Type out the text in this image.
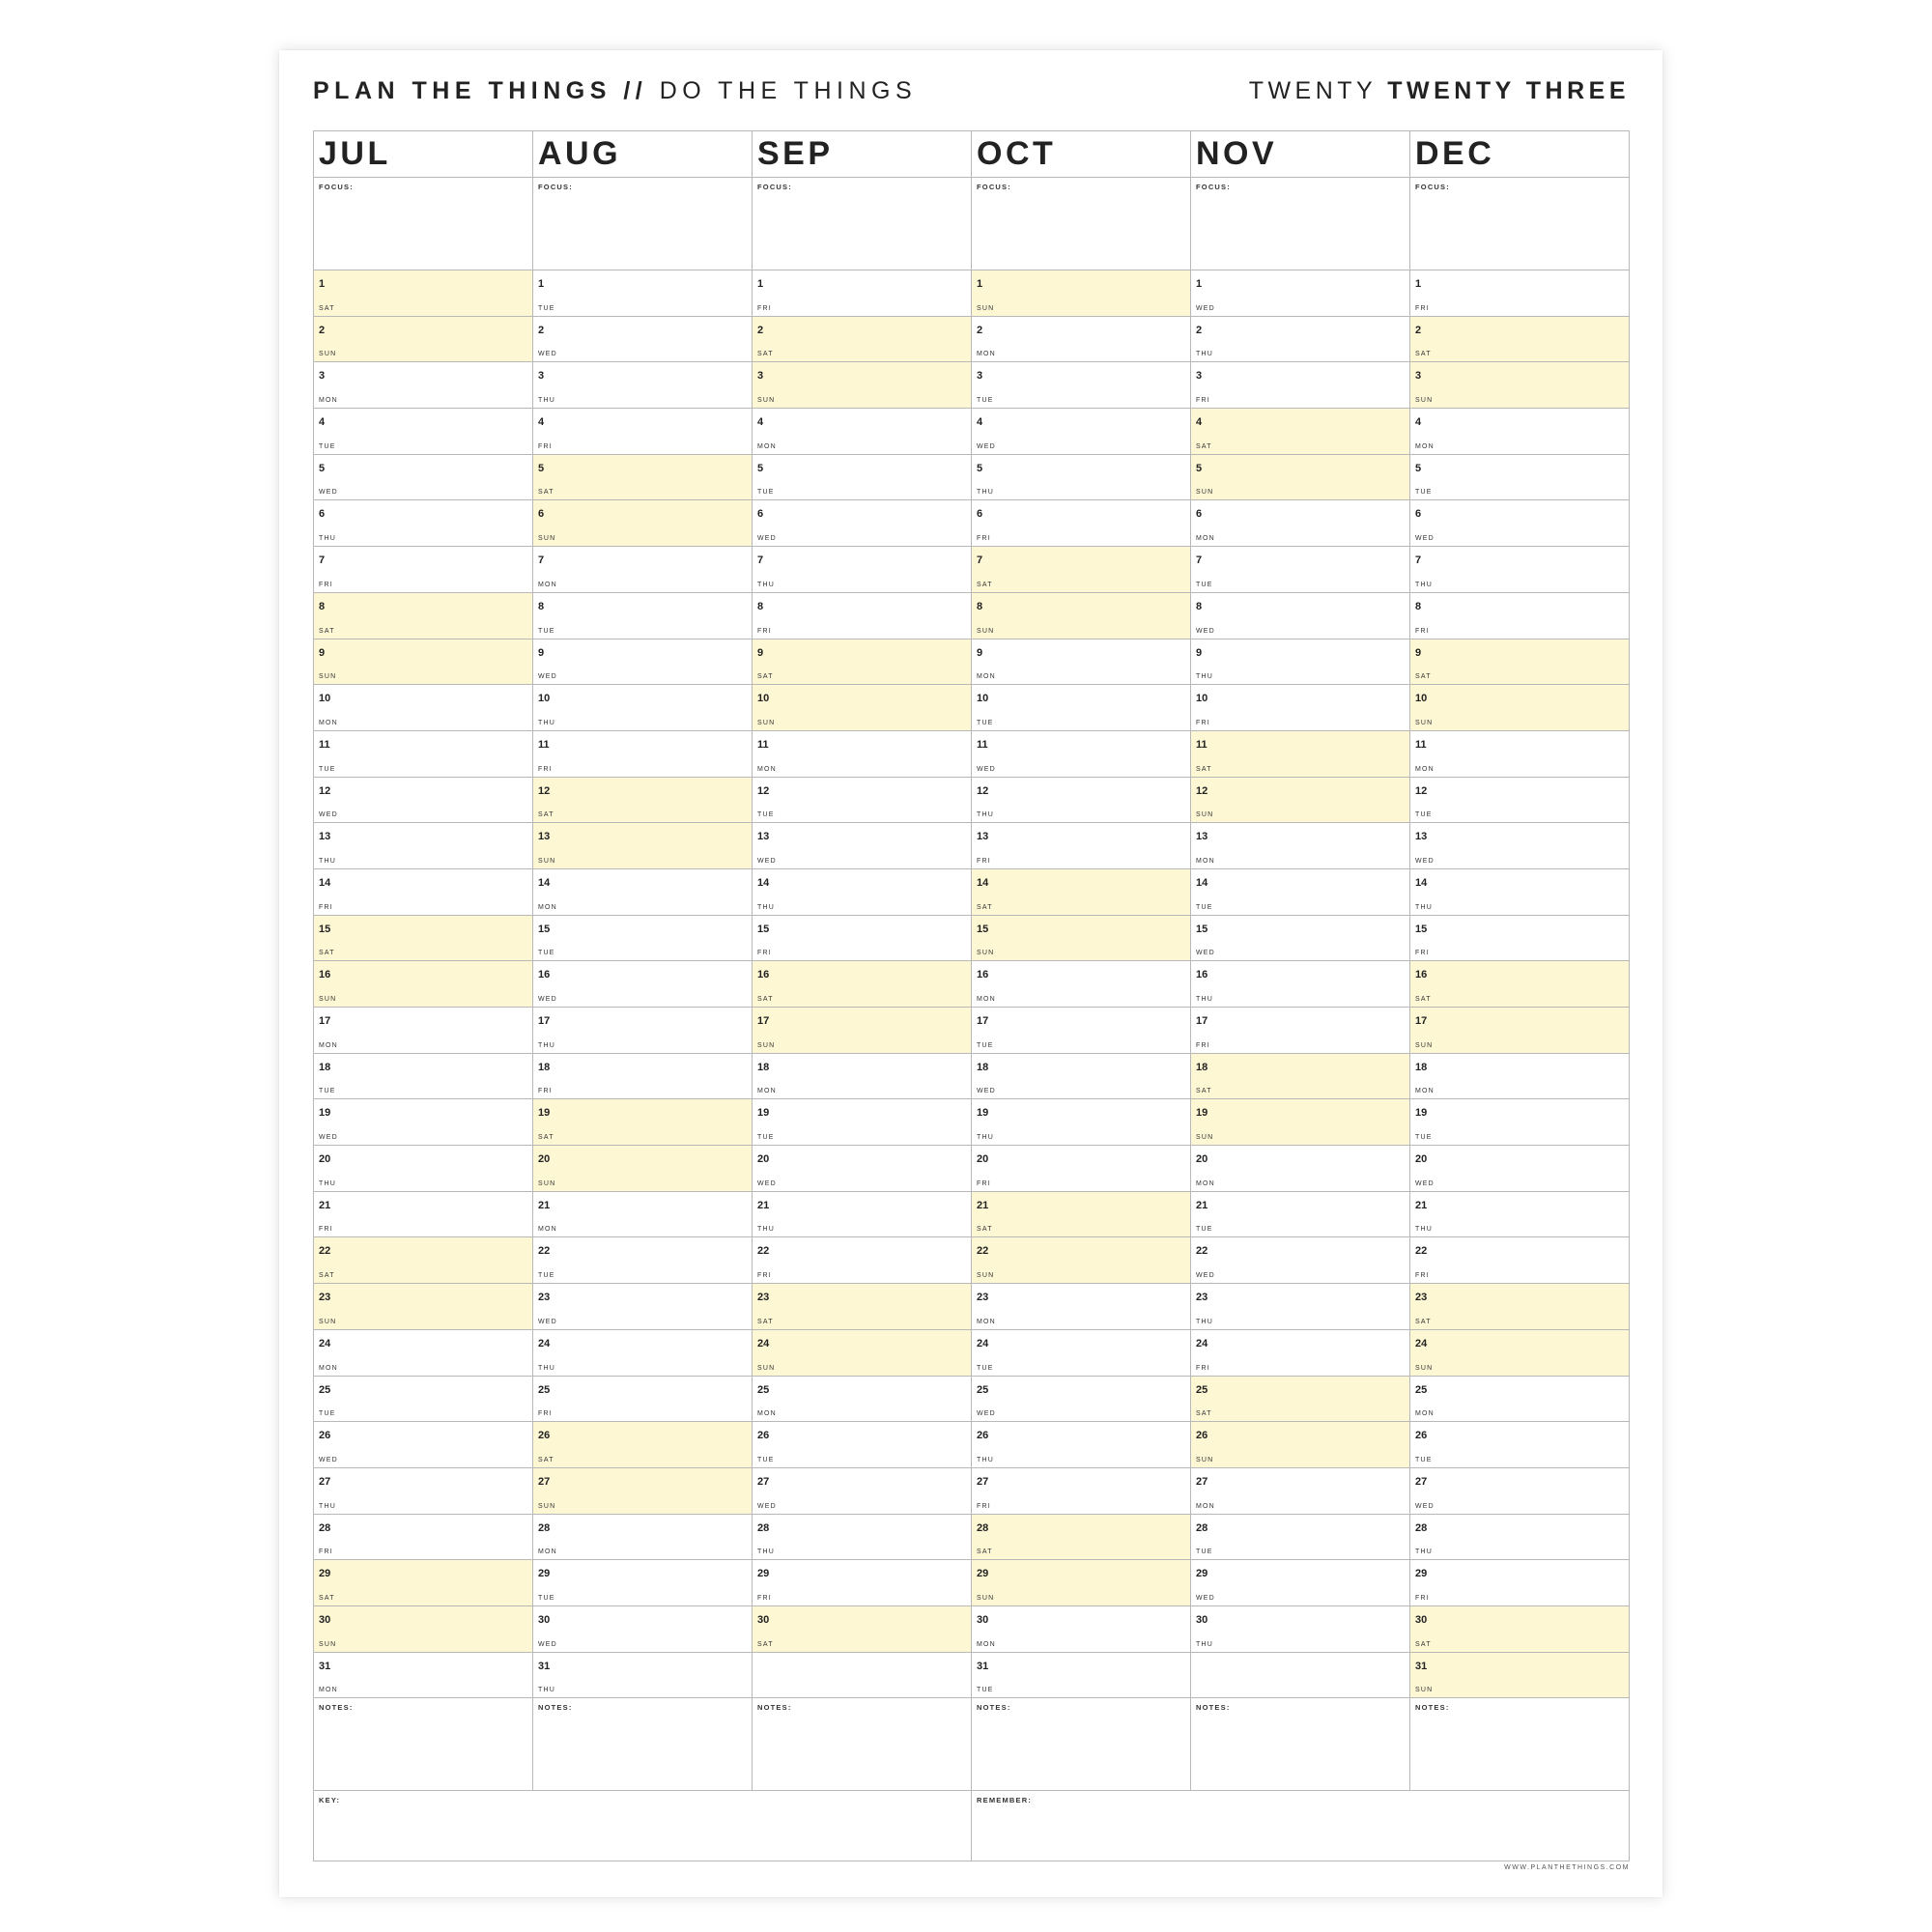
PLAN THE THINGS // DO THE THINGS	TWENTY TWENTY THREE
JUL
FOCUS:
1
SAT
2
SUN
3
MON
4
TUE
5
WED
6
THU
7
FRI
8
SAT
9
SUN
10
MON
11
TUE
12
WED
13
THU
14
FRI
15
SAT
16
SUN
17
MON
18
TUE
19
WED
20
THU
21
FRI
22
SAT
23
SUN
24
MON
25
TUE
26
WED
27
THU
28
FRI
29
SAT
30
SUN
31
MON
NOTES:
AUG
FOCUS:
1
TUE
2
WED
3
THU
4
FRI
5
SAT
6
SUN
7
MON
8
TUE
9
WED
10
THU
11
FRI
12
SAT
13
SUN
14
MON
15
TUE
16
WED
17
THU
18
FRI
19
SAT
20
SUN
21
MON
22
TUE
23
WED
24
THU
25
FRI
26
SAT
27
SUN
28
MON
29
TUE
30
WED
31
THU
NOTES:
SEP
FOCUS:
1
FRI
2
SAT
3
SUN
4
MON
5
TUE
6
WED
7
THU
8
FRI
9
SAT
10
SUN
11
MON
12
TUE
13
WED
14
THU
15
FRI
16
SAT
17
SUN
18
MON
19
TUE
20
WED
21
THU
22
FRI
23
SAT
24
SUN
25
MON
26
TUE
27
WED
28
THU
29
FRI
30
SAT
NOTES:
OCT
FOCUS:
1
SUN
2
MON
3
TUE
4
WED
5
THU
6
FRI
7
SAT
8
SUN
9
MON
10
TUE
11
WED
12
THU
13
FRI
14
SAT
15
SUN
16
MON
17
TUE
18
WED
19
THU
20
FRI
21
SAT
22
SUN
23
MON
24
TUE
25
WED
26
THU
27
FRI
28
SAT
29
SUN
30
MON
31
TUE
NOTES:
NOV
FOCUS:
1
WED
2
THU
3
FRI
4
SAT
5
SUN
6
MON
7
TUE
8
WED
9
THU
10
FRI
11
SAT
12
SUN
13
MON
14
TUE
15
WED
16
THU
17
FRI
18
SAT
19
SUN
20
MON
21
TUE
22
WED
23
THU
24
FRI
25
SAT
26
SUN
27
MON
28
TUE
29
WED
30
THU
NOTES:
DEC
FOCUS:
1
FRI
2
SAT
3
SUN
4
MON
5
TUE
6
WED
7
THU
8
FRI
9
SAT
10
SUN
11
MON
12
TUE
13
WED
14
THU
15
FRI
16
SAT
17
SUN
18
MON
19
TUE
20
WED
21
THU
22
FRI
23
SAT
24
SUN
25
MON
26
TUE
27
WED
28
THU
29
FRI
30
SAT
31
SUN
NOTES:
KEY:	REMEMBER:
WWW.PLANTHETHINGS.COM
